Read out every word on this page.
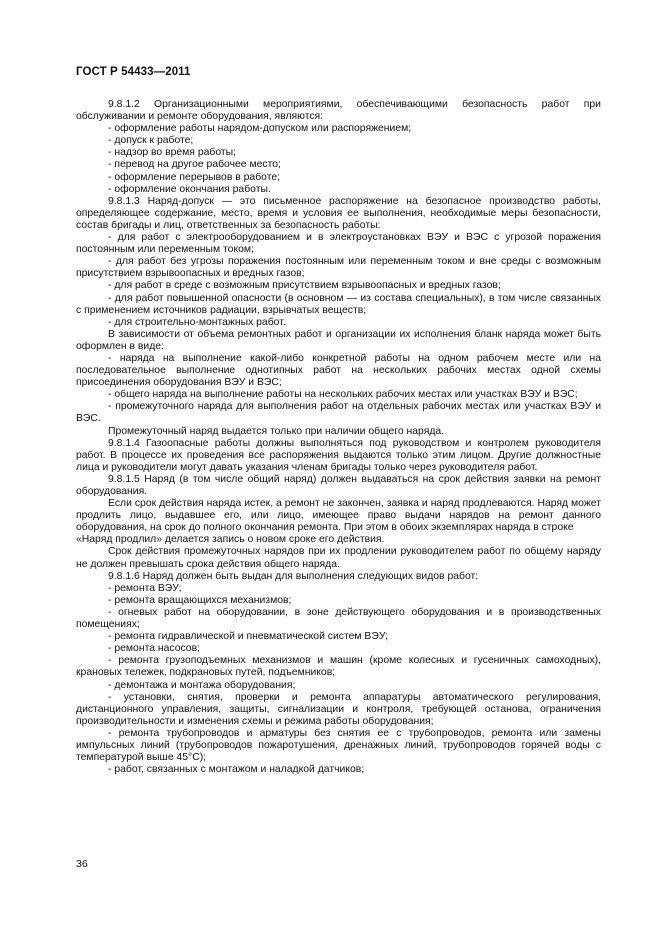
ГОСТ Р 54433—2011

9.8.1.2 Организационными мероприятиями, обеспечивающими безопасность работ при обслуживании и ремонте оборудования, являются:

- оформление работы нарядом-допуском или распоряжением;

- допуск к работе;

- надзор во время работы;

- перевод на другое рабочее место;

- оформление перерывов в работе;

- оформление окончания работы.

9.8.1.3 Наряд-допуск — это письменное распоряжение на безопасное производство работы, определяющее содержание, место, время и условия ее выполнения, необходимые меры безопасности, состав бригады и лиц, ответственных за безопасность работы:

- для работ с электрооборудованием и в электроустановках ВЭУ и ВЭС с угрозой поражения постоянным или переменным током;

- для работ без угрозы поражения постоянным или переменным током и вне среды с возможным присутствием взрывоопасных и вредных газов;

- для работ в среде с возможным присутствием взрывоопасных и вредных газов;

- для работ повышенной опасности (в основном — из состава специальных), в том числе связанных с применением источников радиации, взрывчатых веществ;

- для строительно-монтажных работ.

В зависимости от объема ремонтных работ и организации их исполнения бланк наряда может быть оформлен в виде:

- наряда на выполнение какой-либо конкретной работы на одном рабочем месте или на последовательное выполнение однотипных работ на нескольких рабочих местах одной схемы присоединения оборудования ВЭУ и ВЭС;

- общего наряда на выполнение работы на нескольких рабочих местах или участках ВЭУ и ВЭС;

- промежуточного наряда для выполнения работ на отдельных рабочих местах или участках ВЭУ и ВЭС.

Промежуточный наряд выдается только при наличии общего наряда.

9.8.1.4 Газоопасные работы должны выполняться под руководством и контролем руководителя работ. В процессе их проведения все распоряжения выдаются только этим лицом. Другие должностные лица и руководители могут давать указания членам бригады только через руководителя работ.

9.8.1.5 Наряд (в том числе общий наряд) должен выдаваться на срок действия заявки на ремонт оборудования.

Если срок действия наряда истек, а ремонт не закончен, заявка и наряд продлеваются. Наряд может продлить лицо, выдавшее его, или лицо, имеющее право выдачи нарядов на ремонт данного оборудования, на срок до полного окончания ремонта. При этом в обоих экземплярах наряда в строке

«Наряд продлил» делается запись о новом сроке его действия.

Срок действия промежуточных нарядов при их продлении руководителем работ по общему наряду не должен превышать срока действия общего наряда.

9.8.1.6 Наряд должен быть выдан для выполнения следующих видов работ:

- ремонта ВЭУ;

- ремонта вращающихся механизмов;

- огневых работ на оборудовании, в зоне действующего оборудования и в производственных помещениях;

- ремонта гидравлической и пневматической систем ВЭУ;

- ремонта насосов;

- ремонта грузоподъемных механизмов и машин (кроме колесных и гусеничных самоходных), крановых тележек, подкрановых путей, подъемников;

- демонтажа и монтажа оборудования;

- установки, снятия, проверки и ремонта аппаратуры автоматического регулирования, дистанционного управления, защиты, сигнализации и контроля, требующей останова, ограничения производительности и изменения схемы и режима работы оборудования;

- ремонта трубопроводов и арматуры без снятия ее с трубопроводов, ремонта или замены импульсных линий (трубопроводов пожаротушения, дренажных линий, трубопроводов горячей воды с температурой выше 45°С);

- работ, связанных с монтажом и наладкой датчиков;

36
